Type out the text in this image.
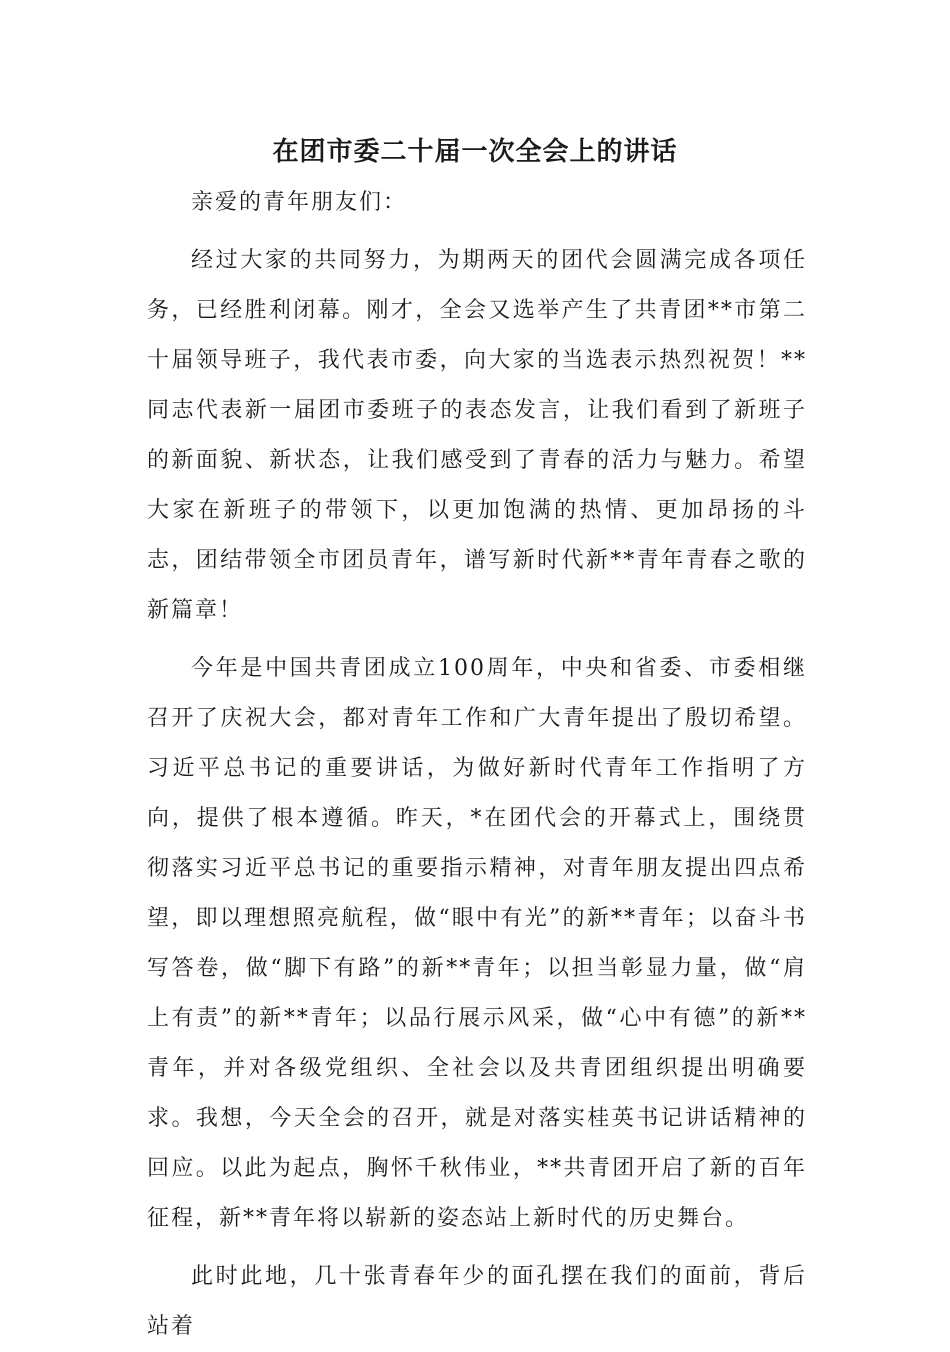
在团市委二十届一次全会上的讲话

亲爱的青年朋友们：

经过大家的共同努力，为期两天的团代会圆满完成各项任务，已经胜利闭幕。刚才，全会又选举产生了共青团**市第二十届领导班子，我代表市委，向大家的当选表示热烈祝贺！**同志代表新一届团市委班子的表态发言，让我们看到了新班子的新面貌、新状态，让我们感受到了青春的活力与魅力。希望大家在新班子的带领下，以更加饱满的热情、更加昂扬的斗志，团结带领全市团员青年，谱写新时代新**青年青春之歌的新篇章！

今年是中国共青团成立100周年，中央和省委、市委相继召开了庆祝大会，都对青年工作和广大青年提出了殷切希望。习近平总书记的重要讲话，为做好新时代青年工作指明了方向，提供了根本遵循。昨天，*在团代会的开幕式上，围绕贯彻落实习近平总书记的重要指示精神，对青年朋友提出四点希望，即以理想照亮航程，做“眼中有光”的新**青年；以奋斗书写答卷，做“脚下有路”的新**青年；以担当彰显力量，做“肩上有责”的新**青年；以品行展示风采，做“心中有德”的新**青年，并对各级党组织、全社会以及共青团组织提出明确要求。我想，今天全会的召开，就是对落实桂英书记讲话精神的回应。以此为起点，胸怀千秋伟业，**共青团开启了新的百年征程，新**青年将以崭新的姿态站上新时代的历史舞台。

此时此地，几十张青春年少的面孔摆在我们的面前，背后站着
